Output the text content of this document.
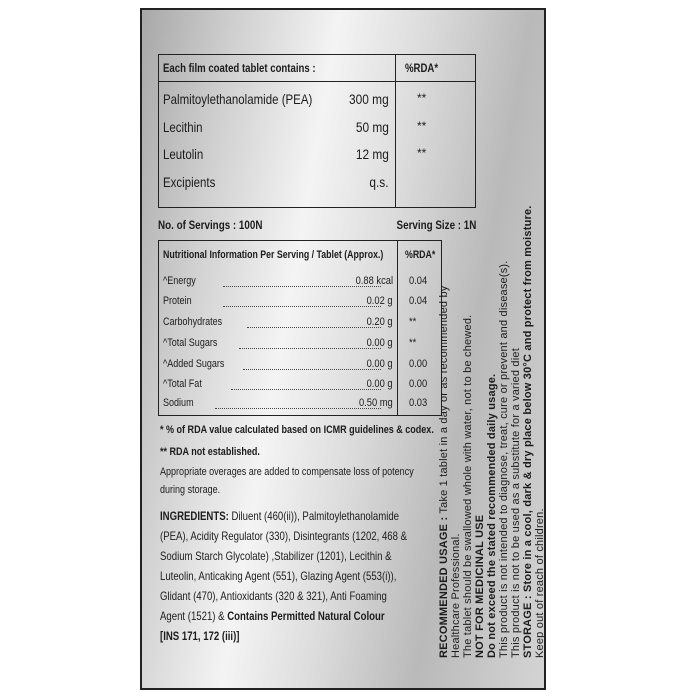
Each film coated tablet contains :	%RDA*
Palmitoylethanolamide (PEA)	300 mg **
Lecithin	50 mg **
Leutolin	12 mg **
Excipients	q.s.
No. of Servings : 100N	Serving Size : 1N
Nutritional Information Per Serving / Tablet (Approx.) %RDA*
^Energy	0.88 kcal 0.04
Protein	0.02 g 0.04
Carbohydrates	0.20 g **
^Total Sugars	0.00 g **
^Added Sugars	0.00 g 0.00
^Total Fat	0.00 g 0.00
Sodium	0.50 mg 0.03
* % of RDA value calculated based on ICMR guidelines & codex.
** RDA not established.
Appropriate overages are added to compensate loss of potency
during storage.
INGREDIENTS: Diluent (460(ii)), Palmitoylethanolamide
(PEA), Acidity Regulator (330), Disintegrants (1202, 468 &
Sodium Starch Glycolate) ,Stabilizer (1201), Lecithin &
Luteolin, Anticaking Agent (551), Glazing Agent (553(i)),
Glidant (470), Antioxidants (320 & 321), Anti Foaming
Agent (1521) & Contains Permitted Natural Colour
[INS 171, 172 (iii)]	RECOMMENDED USAGE : Take 1 tablet in a day or as recommended by
Healthcare Professional. The tablet should be swallowed whole with water, not to be chewed. NOT FOR MEDICINAL USE Do not exceed the stated recommended daily usage. This product is not intended to diagnose, treat, cure or prevent and disease(s). This product is not to be used as a substitute for a varied diet STORAGE : Store in a cool, dark & dry place below 30°C and protect from moisture. Keep out of reach of children.
